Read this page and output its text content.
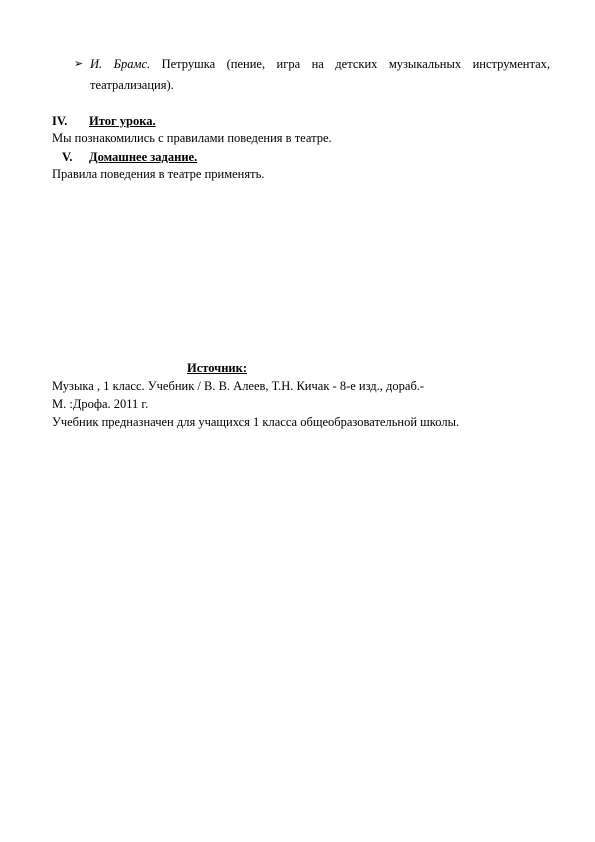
➢ И. Брамс. Петрушка (пение, игра на детских музыкальных инструментах,
театрализация).
IV. Итог урока.
Мы познакомились с правилами поведения в театре.
V. Домашнее задание.
Правила поведения в театре применять.
Источник:
Музыка , 1 класс. Учебник / В. В. Алеев, Т.Н. Кичак - 8-е изд., дораб.-
М. :Дрофа. 2011 г.
Учебник предназначен для учащихся 1 класса общеобразовательной школы.
